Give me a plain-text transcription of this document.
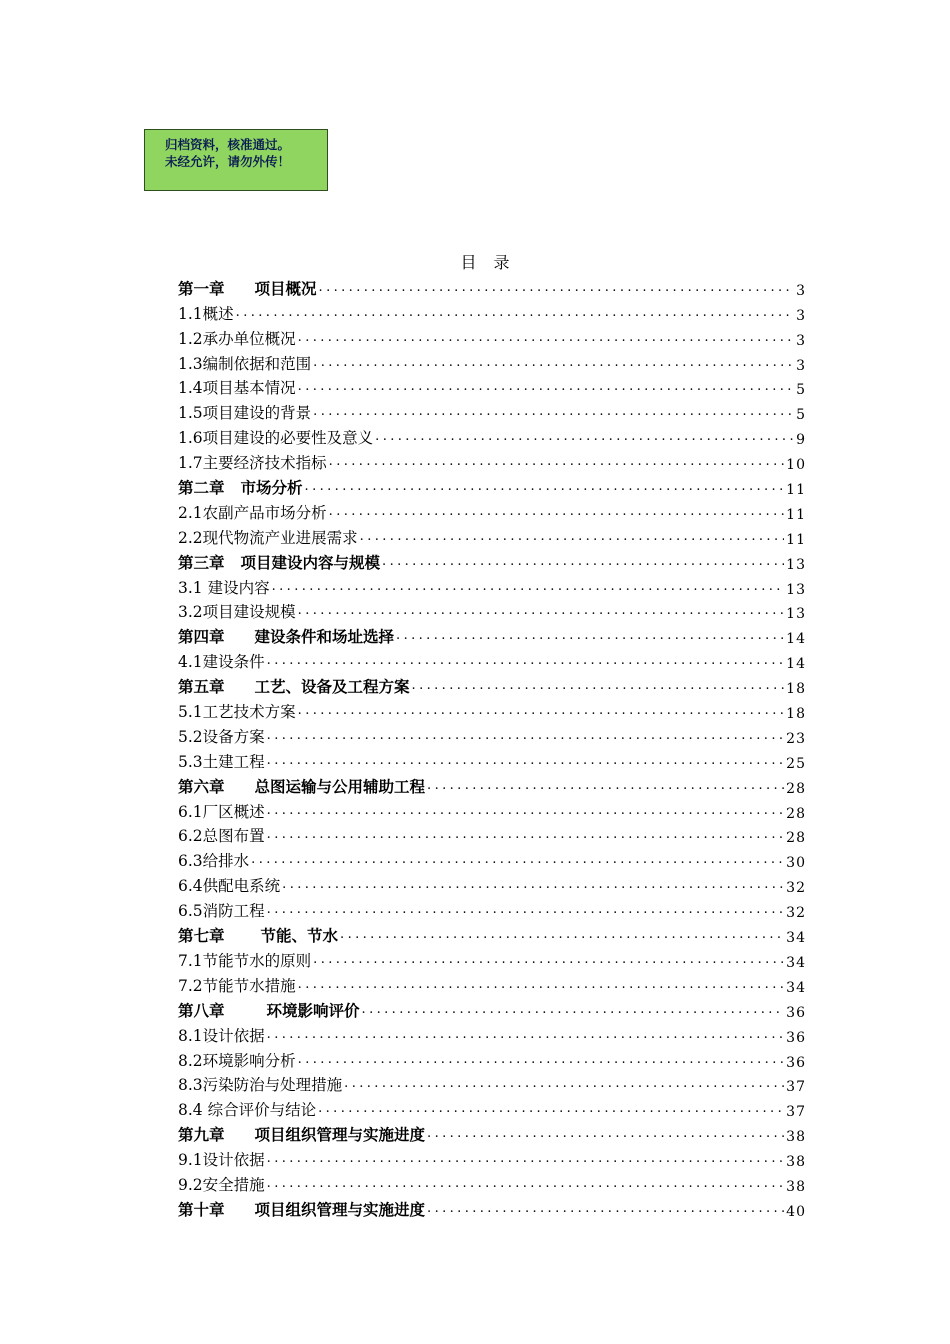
归档资料，核准通过。
未经允许，请勿外传！
目 录
第一章 项目概况 .....	3
1.1概述 .....	3
1.2承办单位概况 .....	3
1.3编制依据和范围 .....	3
1.4项目基本情况 .....	5
1.5项目建设的背景 .....	5
1.6项目建设的必要性及意义 .....	9
1.7主要经济技术指标 .....	10
第二章 市场分析 .....	11
2.1农副产品市场分析 .....	11
2.2现代物流产业进展需求 .....	11
第三章 项目建设内容与规模 .....	13
3.1 建设内容 .....	13
3.2项目建设规模 .....	13
第四章 建设条件和场址选择 .....	14
4.1建设条件 .....	14
第五章 工艺、设备及工程方案 .....	18
5.1工艺技术方案 .....	18
5.2设备方案 .....	23
5.3土建工程 .....	25
第六章 总图运输与公用辅助工程 .....	28
6.1厂区概述 .....	28
6.2总图布置 .....	28
6.3给排水 .....	30
6.4供配电系统 .....	32
6.5消防工程 .....	32
第七章 节能、节水 .....	34
7.1节能节水的原则 .....	34
7.2节能节水措施 .....	34
第八章	环境影响评价 .....	36
8.1设计依据 .....	36
8.2环境影响分析 .....	36
8.3污染防治与处理措施 .....	37
8.4 综合评价与结论 .....	37
第九章 项目组织管理与实施进度 .....	38
9.1设计依据 .....	38
9.2安全措施 .....	38
第十章 项目组织管理与实施进度 .....	40
